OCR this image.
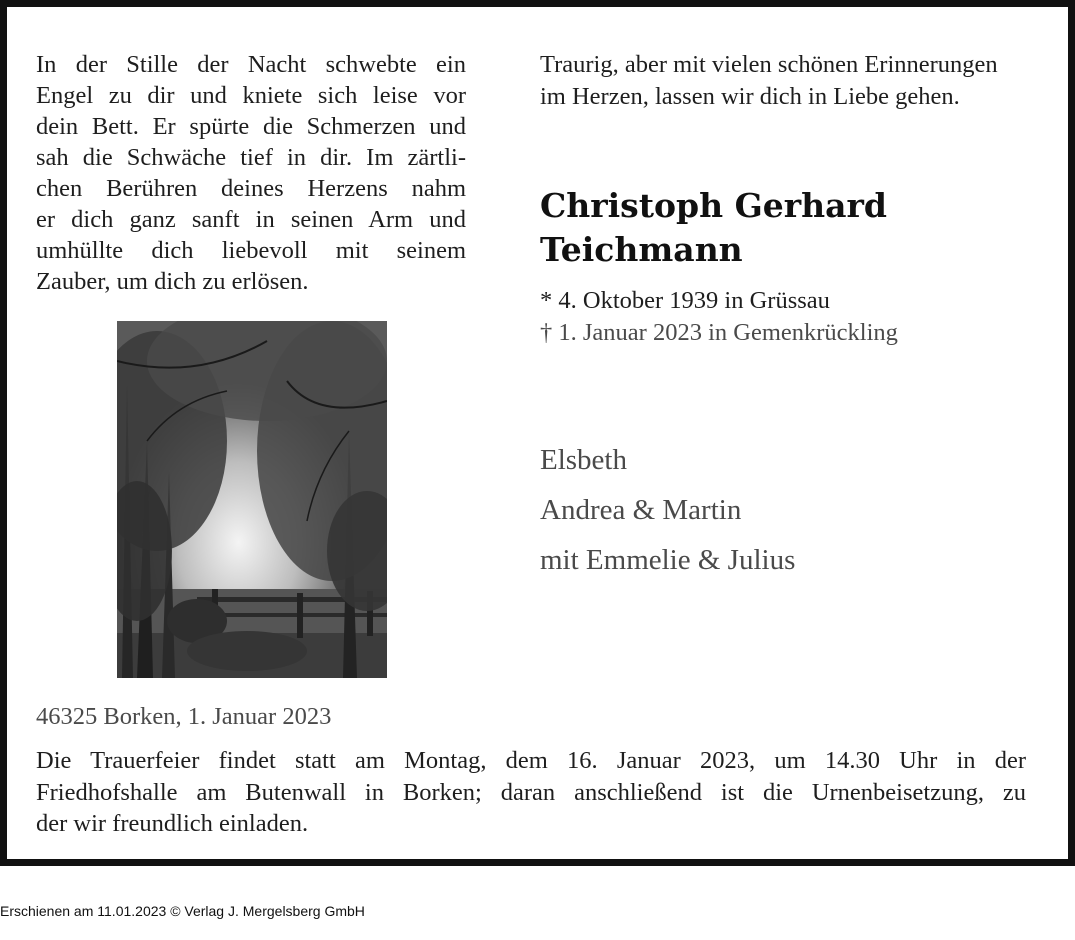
In der Stille der Nacht schwebte ein
Engel zu dir und kniete sich leise vor
dein Bett. Er spürte die Schmerzen und
sah die Schwäche tief in dir. Im zärtli-
chen Berühren deines Herzens nahm
er dich ganz sanft in seinen Arm und
umhüllte dich liebevoll mit seinem
Zauber, um dich zu erlösen.
Traurig, aber mit vielen schönen Erinnerungen
im Herzen, lassen wir dich in Liebe gehen.
Christoph Gerhard
Teichmann
* 4. Oktober 1939 in Grüssau
† 1. Januar 2023 in Gemenkrückling
Elsbeth
Andrea & Martin
mit Emmelie & Julius
46325 Borken, 1. Januar 2023
Die Trauerfeier findet statt am Montag, dem 16. Januar 2023, um 14.30 Uhr in der
Friedhofshalle am Butenwall in Borken; daran anschließend ist die Urnenbeisetzung, zu
der wir freundlich einladen.
Erschienen am 11.01.2023 © Verlag J. Mergelsberg GmbH
